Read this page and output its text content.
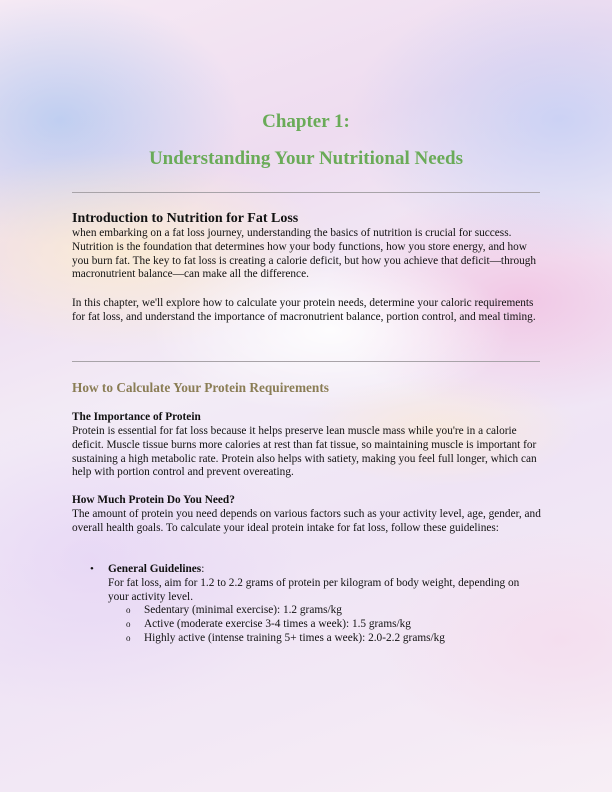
Chapter 1:
Understanding Your Nutritional Needs
Introduction to Nutrition for Fat Loss

when embarking on a fat loss journey, understanding the basics of nutrition is crucial for success. Nutrition is the foundation that determines how your body functions, how you store energy, and how you burn fat. The key to fat loss is creating a calorie deficit, but how you achieve that deficit—through macronutrient balance—can make all the difference.

In this chapter, we'll explore how to calculate your protein needs, determine your caloric requirements for fat loss, and understand the importance of macronutrient balance, portion control, and meal timing.

How to Calculate Your Protein Requirements
The Importance of Protein

Protein is essential for fat loss because it helps preserve lean muscle mass while you're in a calorie deficit. Muscle tissue burns more calories at rest than fat tissue, so maintaining muscle is important for sustaining a high metabolic rate. Protein also helps with satiety, making you feel full longer, which can help with portion control and prevent overeating.

How Much Protein Do You Need?

The amount of protein you need depends on various factors such as your activity level, age, gender, and overall health goals. To calculate your ideal protein intake for fat loss, follow these guidelines:

• General Guidelines:

For fat loss, aim for 1.2 to 2.2 grams of protein per kilogram of body weight, depending on your activity level.

o Sedentary (minimal exercise): 1.2 grams/kg
o Active (moderate exercise 3-4 times a week): 1.5 grams/kg
o Highly active (intense training 5+ times a week): 2.0-2.2 grams/kg
